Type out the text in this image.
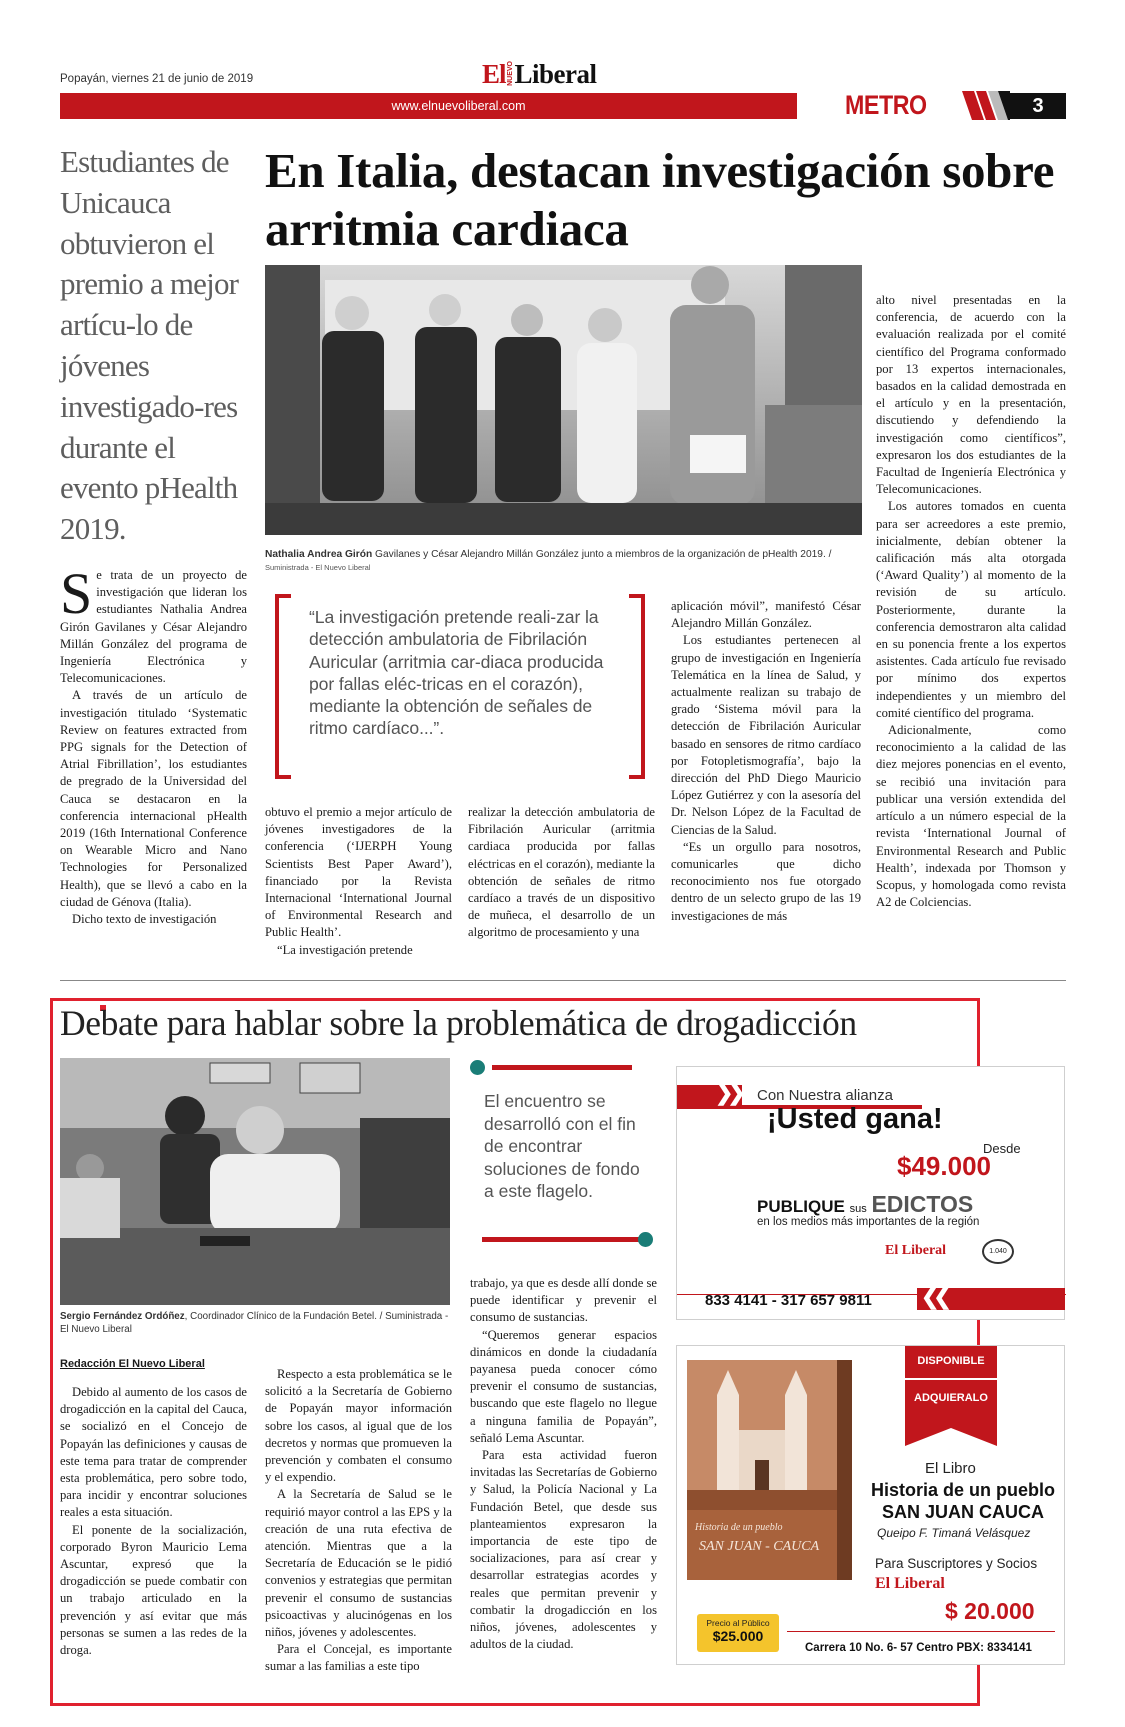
Popayán, viernes 21 de junio de 2019	El NUEVO Liberal
www.elnuevoliberal.com	METRO	3
Estudiantes de Unicauca obtuvieron el premio a mejor artícu-lo de jóvenes investigado-res durante el evento pHealth 2019.
En Italia, destacan investigación sobre arritmia cardiaca
Nathalia Andrea Girón Gavilanes y César Alejandro Millán González junto a miembros de la organización de pHealth 2019. /
Suministrada - El Nuevo Liberal

Se trata de un proyecto de investigación que lideran los estudiantes Nathalia Andrea Girón Gavilanes y César Alejandro Millán González del programa de Ingeniería Electrónica y Telecomunicaciones.

A través de un artículo de investigación titulado ‘Systematic Review on features extracted from PPG signals for the Detection of Atrial Fibrillation’, los estudiantes de pregrado de la Universidad del Cauca se destacaron en la conferencia internacional pHealth 2019 (16th International Conference on Wearable Micro and Nano Technologies for Personalized Health), que se llevó a cabo en la ciudad de Génova (Italia).

Dicho texto de investigación

“La investigación pretende reali-zar la detección ambulatoria de Fibrilación Auricular (arritmia car-diaca producida por fallas eléc-tricas en el corazón), mediante la obtención de señales de ritmo cardíaco...”.

obtuvo el premio a mejor artículo de jóvenes investigadores de la conferencia (‘IJERPH Young Scientists Best Paper Award’), financiado por la Revista Internacional ‘International Journal of Environmental Research and Public Health’.

“La investigación pretende

realizar la detección ambulatoria de Fibrilación Auricular (arritmia cardiaca producida por fallas eléctricas en el corazón), mediante la obtención de señales de ritmo cardíaco a través de un dispositivo de muñeca, el desarrollo de un algoritmo de procesamiento y una

aplicación móvil”, manifestó César Alejandro Millán González.

Los estudiantes pertenecen al grupo de investigación en Ingeniería Telemática en la línea de Salud, y actualmente realizan su trabajo de grado ‘Sistema móvil para la detección de Fibrilación Auricular basado en sensores de ritmo cardíaco por Fotopletismografía’, bajo la dirección del PhD Diego Mauricio López Gutiérrez y con la asesoría del Dr. Nelson López de la Facultad de Ciencias de la Salud.

“Es un orgullo para nosotros, comunicarles que dicho reconocimiento nos fue otorgado dentro de un selecto grupo de las 19 investigaciones de más

alto nivel presentadas en la conferencia, de acuerdo con la evaluación realizada por el comité científico del Programa conformado por 13 expertos internacionales, basados en la calidad demostrada en el artículo y en la presentación, discutiendo y defendiendo la investigación como científicos”, expresaron los dos estudiantes de la Facultad de Ingeniería Electrónica y Telecomunicaciones.

Los autores tomados en cuenta para ser acreedores a este premio, inicialmente, debían obtener la calificación más alta otorgada (‘Award Quality’) al momento de la revisión de su artículo. Posteriormente, durante la conferencia demostraron alta calidad en su ponencia frente a los expertos asistentes. Cada artículo fue revisado por mínimo dos expertos independientes y un miembro del comité científico del programa.

Adicionalmente, como reconocimiento a la calidad de las diez mejores ponencias en el evento, se recibió una invitación para publicar una versión extendida del artículo a un número especial de la revista ‘International Journal of Environmental Research and Public Health’, indexada por Thomson y Scopus, y homologada como revista A2 de Colciencias.

Debate para hablar sobre la problemática de drogadicción
Sergio Fernández Ordóñez, Coordinador Clínico de la Fundación Betel. / Suministrada - El Nuevo Liberal
Redacción El Nuevo Liberal

Debido al aumento de los casos de drogadicción en la capital del Cauca, se socializó en el Concejo de Popayán las definiciones y causas de este tema para tratar de comprender esta problemática, pero sobre todo, para incidir y encontrar soluciones reales a esta situación.

El ponente de la socialización, corporado Byron Mauricio Lema Ascuntar, expresó que la drogadicción se puede combatir con un trabajo articulado en la prevención y así evitar que más personas se sumen a las redes de la droga.

Respecto a esta problemática se le solicitó a la Secretaría de Gobierno de Popayán mayor información sobre los casos, al igual que de los decretos y normas que promueven la prevención y combaten el consumo y el expendio.

A la Secretaría de Salud se le requirió mayor control a las EPS y la creación de una ruta efectiva de atención. Mientras que a la Secretaría de Educación se le pidió convenios y estrategias que permitan prevenir el consumo de sustancias psicoactivas y alucinógenas en los niños, jóvenes y adolescentes.

Para el Concejal, es importante sumar a las familias a este tipo

El encuentro se desarrolló con el fin de encontrar soluciones de fondo a este flagelo.

trabajo, ya que es desde allí donde se puede identificar y prevenir el consumo de sustancias.

“Queremos generar espacios dinámicos en donde la ciudadanía payanesa pueda conocer cómo prevenir el consumo de sustancias, buscando que este flagelo no llegue a ninguna familia de Popayán”, señaló Lema Ascuntar.

Para esta actividad fueron invitadas las Secretarías de Gobierno y Salud, la Policía Nacional y La Fundación Betel, que desde sus planteamientos expresaron la importancia de este tipo de socializaciones, para así crear y desarrollar estrategias acordes y reales que permitan prevenir y combatir la drogadicción en los niños, jóvenes, adolescentes y adultos de la ciudad.

❯❯ Con Nuestra alianza
¡Usted gana!
Desde
$49.000
PUBLIQUE sus EDICTOS
en los medios más importantes de la región
El Liberal	1.040
833 4141 - 317 657 9811 ❮❮
Historia de un pueblo
SAN JUAN - CAUCA
DISPONIBLE
ADQUIERALO
El Libro
Historia de un pueblo
SAN JUAN CAUCA
Queipo F. Timaná Velásquez
Para Suscriptores y Socios
El Liberal
$ 20.000
Precio al Público
$25.000
Carrera 10 No. 6- 57 Centro PBX: 8334141
